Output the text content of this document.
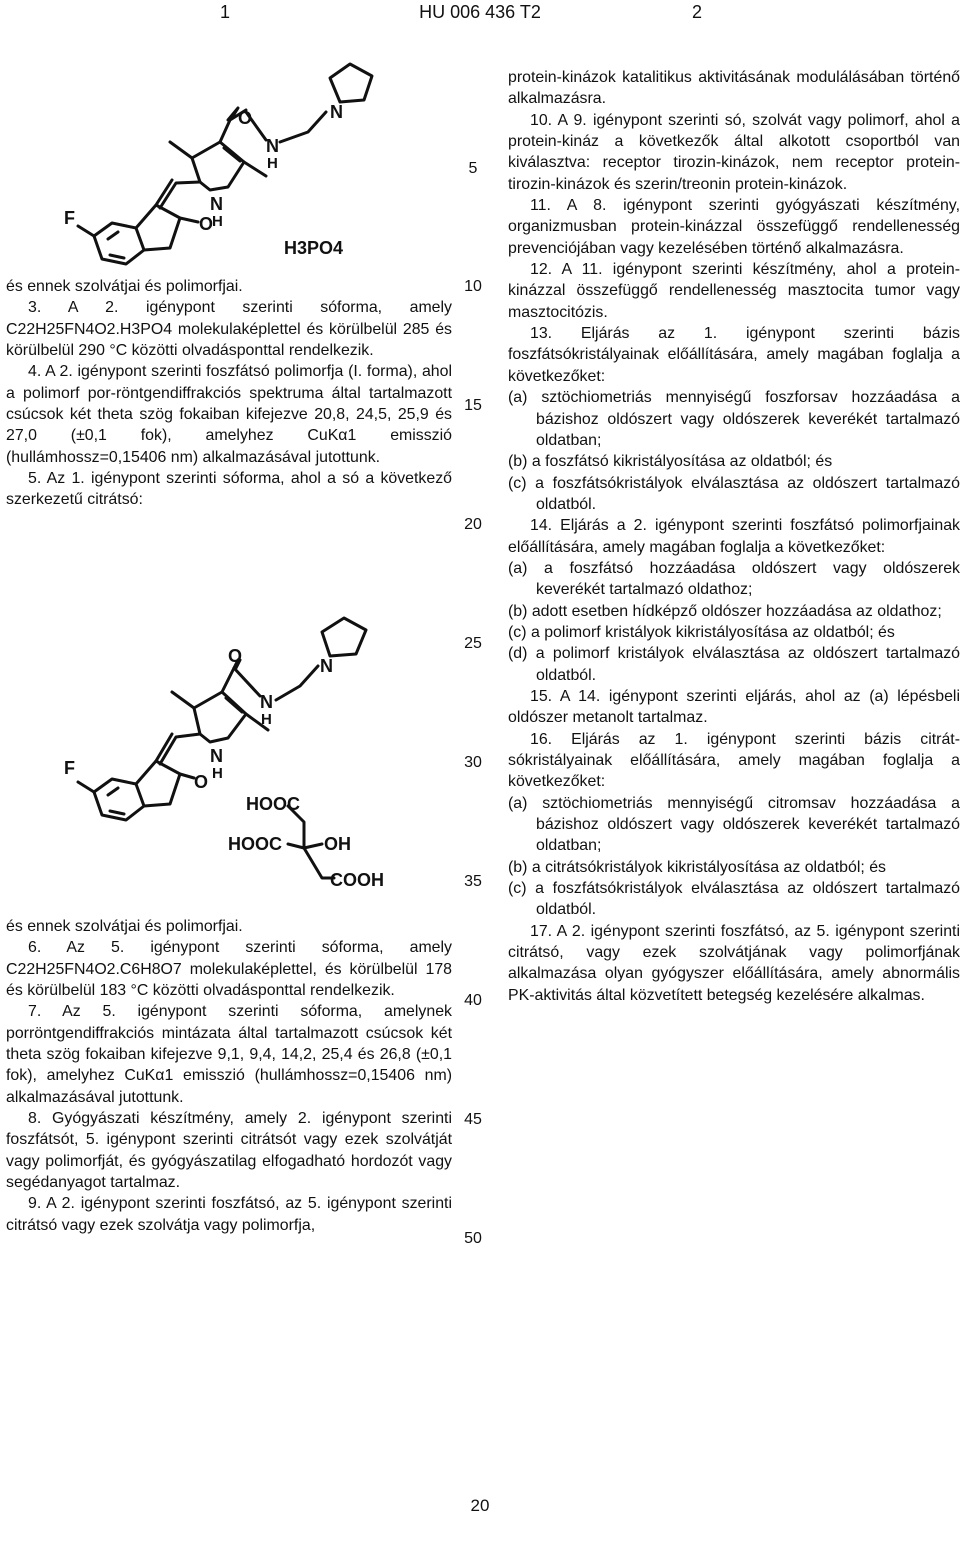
1	HU 006 436 T2	2
F	O
N
H
O
N
H
N
H3PO4
F
O
N
H
O
N
H
N
HOOC
HOOC OH
COOH

és ennek szolvátjai és polimorfjai.

3. A 2. igénypont szerinti sóforma, amely C22H25FN4O2.H3PO4 molekulaképlettel és körülbelül 285 és körülbelül 290 °C közötti olvadásponttal rendelkezik.

4. A 2. igénypont szerinti foszfátsó polimorfja (I. forma), ahol a polimorf por-röntgendiffrakciós spektruma által tartalmazott csúcsok két theta szög fokaiban kifejezve 20,8, 24,5, 25,9 és 27,0 (±0,1 fok), amelyhez CuKα1 emisszió (hullámhossz=0,15406 nm) alkalmazásával jutottunk.

5. Az 1. igénypont szerinti sóforma, ahol a só a következő szerkezetű citrátsó:

és ennek szolvátjai és polimorfjai.

6. Az 5. igénypont szerinti sóforma, amely C22H25FN4O2.C6H8O7 molekulaképlettel, és körülbelül 178 és körülbelül 183 °C közötti olvadásponttal rendelkezik.

7. Az 5. igénypont szerinti sóforma, amelynek porröntgendiffrakciós mintázata által tartalmazott csúcsok két theta szög fokaiban kifejezve 9,1, 9,4, 14,2, 25,4 és 26,8 (±0,1 fok), amelyhez CuKα1 emisszió (hullámhossz=0,15406 nm) alkalmazásával jutottunk.

8. Gyógyászati készítmény, amely 2. igénypont szerinti foszfátsót, 5. igénypont szerinti citrátsót vagy ezek szolvátját vagy polimorfját, és gyógyászatilag elfogadható hordozót vagy segédanyagot tartalmaz.

9. A 2. igénypont szerinti foszfátsó, az 5. igénypont szerinti citrátsó vagy ezek szolvátja vagy polimorfja,

5
10
15
20
25
30
35
40
45
50

protein-kinázok katalitikus aktivitásának modulálásában történő alkalmazásra.

10. A 9. igénypont szerinti só, szolvát vagy polimorf, ahol a protein-kináz a következők által alkotott csoportból van kiválasztva: receptor tirozin-kinázok, nem receptor protein-tirozin-kinázok és szerin/treonin protein-kinázok.

11. A 8. igénypont szerinti gyógyászati készítmény, organizmusban protein-kinázzal összefüggő rendellenesség prevenciójában vagy kezelésében történő alkalmazásra.

12. A 11. igénypont szerinti készítmény, ahol a protein-kinázzal összefüggő rendellenesség masztocita tumor vagy masztocitózis.

13. Eljárás az 1. igénypont szerinti bázis foszfátsókristályainak előállítására, amely magában foglalja a következőket:

(a) sztöchiometriás mennyiségű foszforsav hozzáadása a bázishoz oldószert vagy oldószerek keverékét tartalmazó oldatban;

(b) a foszfátsó kikristályosítása az oldatból; és

(c) a foszfátsókristályok elválasztása az oldószert tartalmazó oldatból.

14. Eljárás a 2. igénypont szerinti foszfátsó polimorfjainak előállítására, amely magában foglalja a következőket:

(a) a foszfátsó hozzáadása oldószert vagy oldószerek keverékét tartalmazó oldathoz;

(b) adott esetben hídképző oldószer hozzáadása az oldathoz;

(c) a polimorf kristályok kikristályosítása az oldatból; és

(d) a polimorf kristályok elválasztása az oldószert tartalmazó oldatból.

15. A 14. igénypont szerinti eljárás, ahol az (a) lépésbeli oldószer metanolt tartalmaz.

16. Eljárás az 1. igénypont szerinti bázis citrát-sókristályainak előállítására, amely magában foglalja a következőket:

(a) sztöchiometriás mennyiségű citromsav hozzáadása a bázishoz oldószert vagy oldószerek keverékét tartalmazó oldatban;

(b) a citrátsókristályok kikristályosítása az oldatból; és

(c) a foszfátsókristályok elválasztása az oldószert tartalmazó oldatból.

17. A 2. igénypont szerinti foszfátsó, az 5. igénypont szerinti citrátsó, vagy ezek szolvátjának vagy polimorfjának alkalmazása olyan gyógyszer előállítására, amely abnormális PK-aktivitás által közvetített betegség kezelésére alkalmas.

20
